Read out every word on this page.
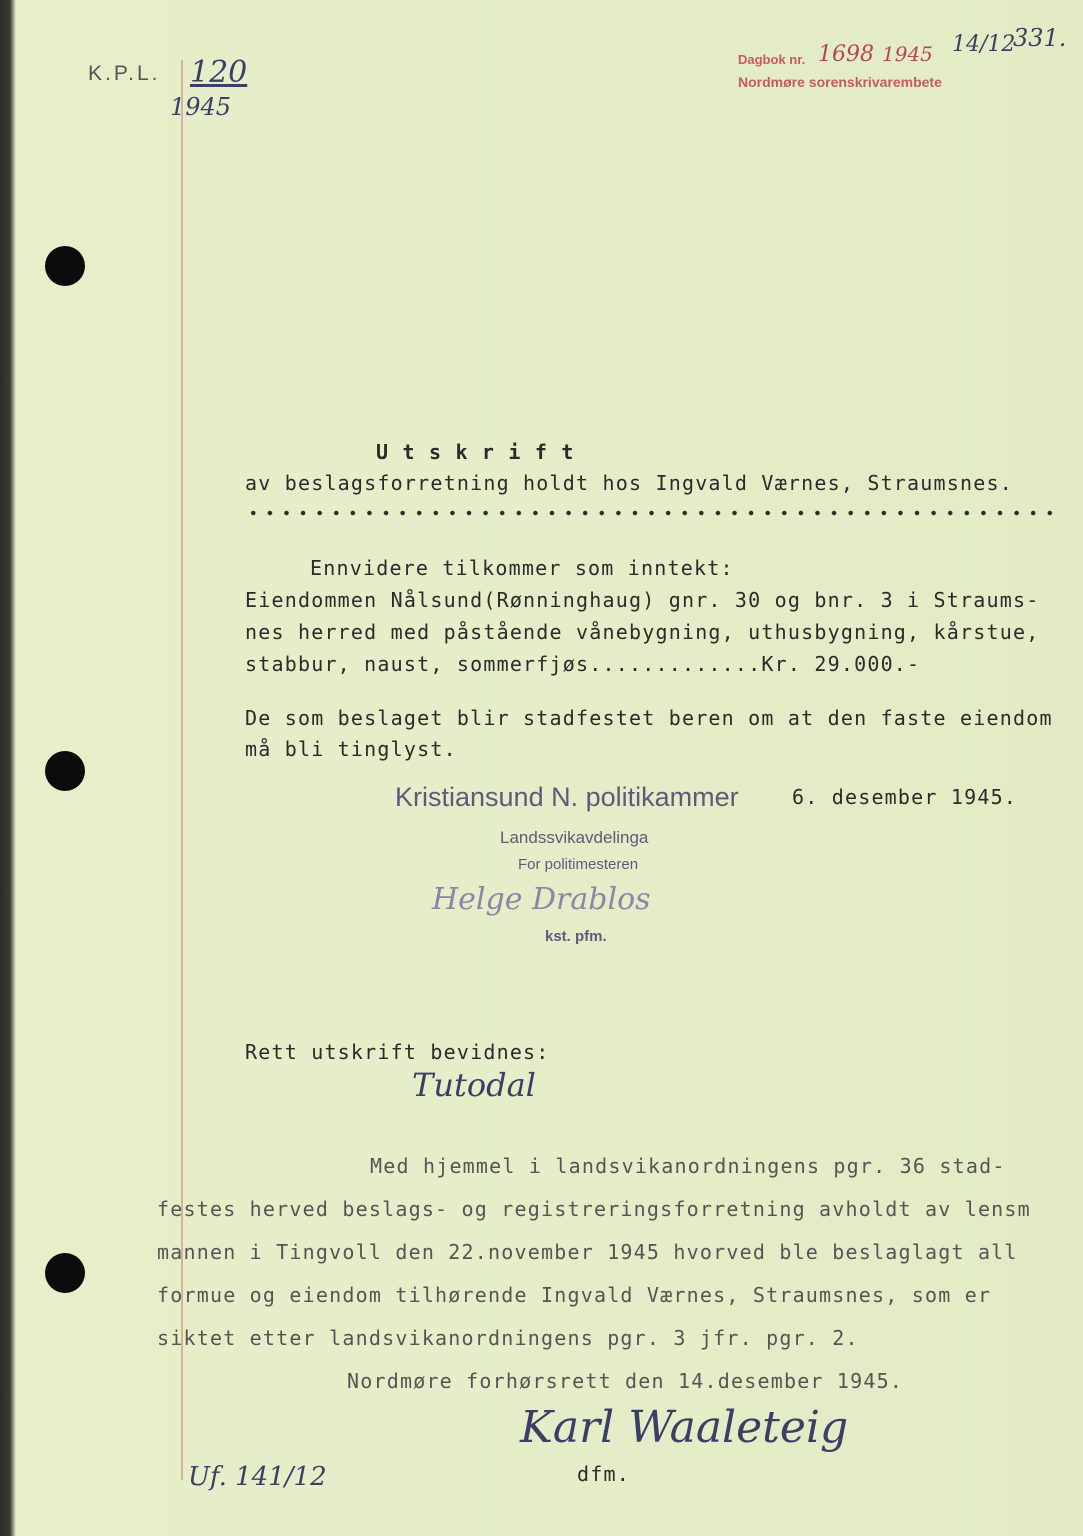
K.P.L. 120
1945
Dagbok nr. 1698 1945 14/12
331.
Nordmøre sorenskrivarembete
U t s k r i f t
av beslagsforretning holdt hos Ingvald Værnes, Straumsnes.
Ennvidere tilkommer som inntekt:
Eiendommen Nålsund(Rønninghaug) gnr. 30 og bnr. 3 i Straums-
nes herred med påstående vånebygning, uthusbygning, kårstue,
stabbur, naust, sommerfjøs.............Kr. 29.000.-
De som beslaget blir stadfestet beren om at den faste eiendom
må bli tinglyst.
Kristiansund N. politikammer	6. desember 1945.
Landssvikavdelinga
For politimesteren
Helge Drablos
kst. pfm.
Rett utskrift bevidnes:
Tutodal
Med hjemmel i landsvikanordningens pgr. 36 stad-
festes herved beslags- og registreringsforretning avholdt av lensm
mannen i Tingvoll den 22.november 1945 hvorved ble beslaglagt all
formue og eiendom tilhørende Ingvald Værnes, Straumsnes, som er
siktet etter landsvikanordningens pgr. 3 jfr. pgr. 2.
Nordmøre forhørsrett den 14.desember 1945.
Karl Waaleteig
dfm.
Uf. 141/12
